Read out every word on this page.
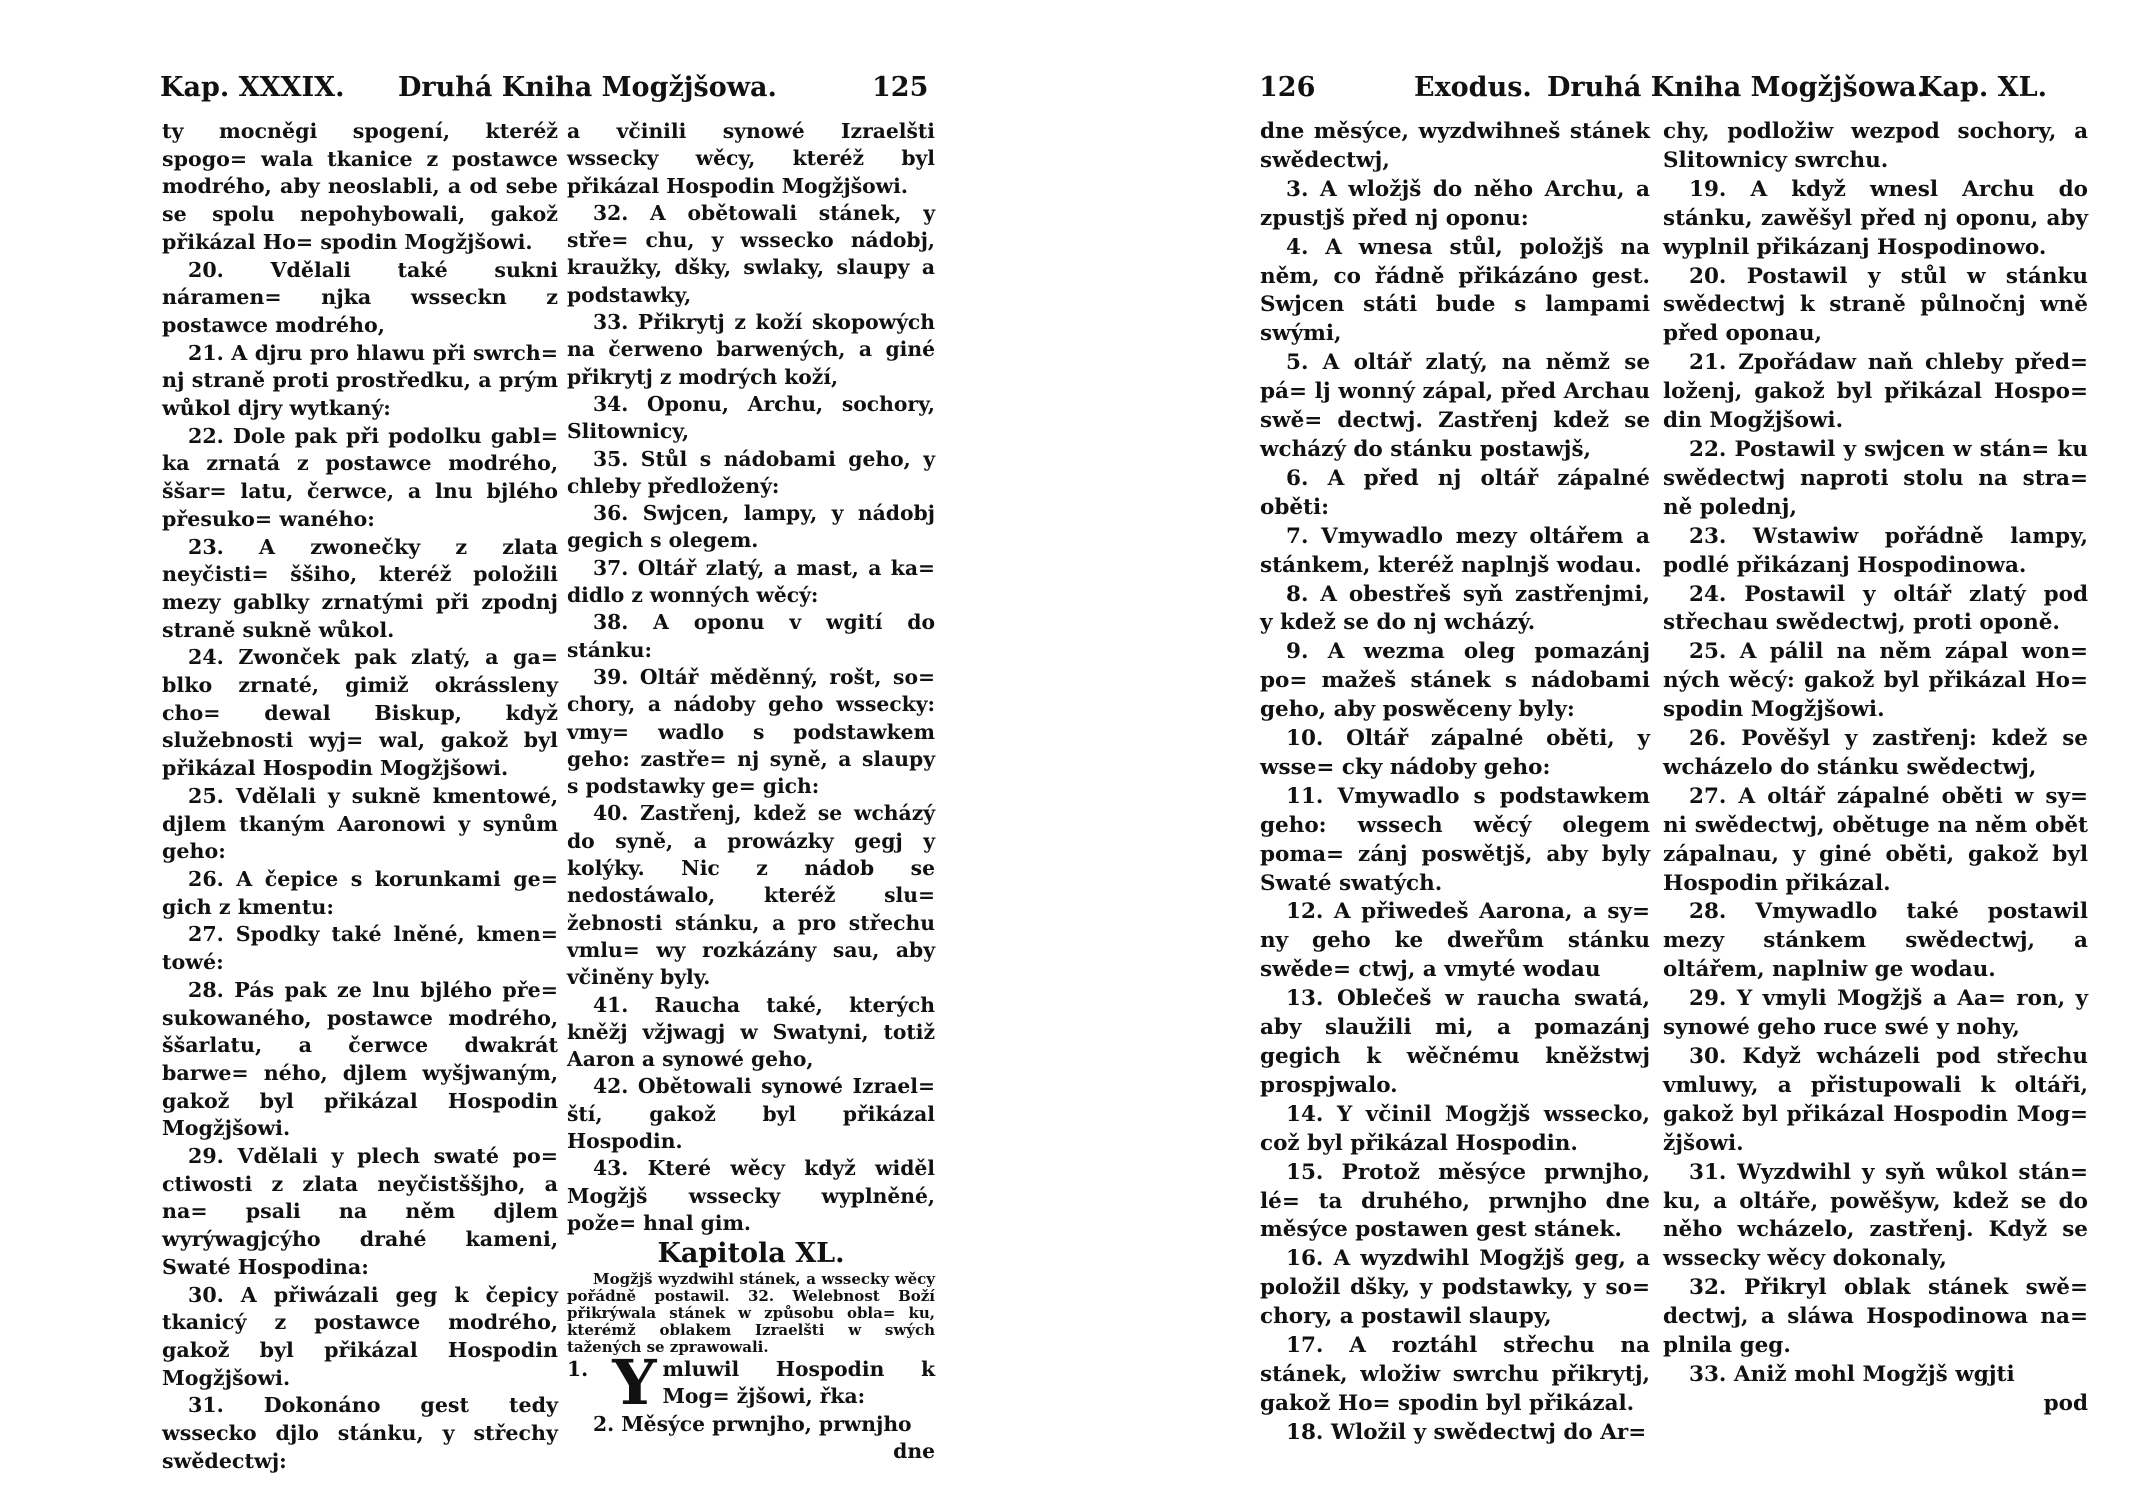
Kap. XXXIX. Druhá Kniha Mogžjšowa.	125

ty mocněgi spogení, kteréž spogo= wala tkanice z postawce modrého, aby neoslabli, a od sebe se spolu nepohybowali, gakož přikázal Ho= spodin Mogžjšowi.

20. Vdělali také sukni náramen= njka wsseckn z postawce modrého,

21. A djru pro hlawu při swrch= nj straně proti prostředku, a prým wůkol djry wytkaný:

22. Dole pak při podolku gabl= ka zrnatá z postawce modrého, ššar= latu, čerwce, a lnu bjlého přesuko= waného:

23. A zwonečky z zlata neyčisti= ššiho, kteréž položili mezy gablky zrnatými při zpodnj straně sukně wůkol.

24. Zwonček pak zlatý, a ga= blko zrnaté, gimiž okrássleny cho= dewal Biskup, když služebnosti wyj= wal, gakož byl přikázal Hospodin Mogžjšowi.

25. Vdělali y suknĕ kmentowé, djlem tkaným Aaronowi y synům geho:

26. A čepice s korunkami ge= gich z kmentu:

27. Spodky také lněné, kmen= towé:

28. Pás pak ze lnu bjlého pře= sukowaného, postawce modrého, ššarlatu, a čerwce dwakrát barwe= ného, djlem wyšjwaným, gakož byl přikázal Hospodin Mogžjšowi.

29. Vdělali y plech swaté po= ctiwosti z zlata neyčistššjho, a na= psali na něm djlem wyrýwagjcýho drahé kameni, Swaté Hospodina:

30. A přiwázali geg k čepicy tkanicý z postawce modrého, gakož byl přikázal Hospodin Mogžjšowi.

31. Dokonáno gest tedy wsseckо djlo stánku, y střechy swědectwj:

a včinili synowé Izraelšti wssecky wěcy, kteréž byl přikázal Hospodin Mogžjšowi.

32. A obětowali stánek, y stře= chu, y wssecko nádobj, kraužky, dšky, swlaky, slaupy a podstawky,

33. Přikrytj z koží skopowých na čerweno barwených, a giné přikrytj z modrých koží,

34. Oponu, Archu, sochory, Slitownicy,

35. Stůl s nádobami geho, y chleby předložený:

36. Swjcen, lampy, y nádobj gegich s olegem.

37. Oltář zlatý, a mast, a ka= didlo z wonných wěcý:

38. A oponu v wgití do stánku:

39. Oltář měděnný, rošt, so= chory, a nádoby geho wssecky: vmy= wadlo s podstawkem geho: zastře= nj syně, a slaupy s podstawky ge= gich:

40. Zastřenj, kdež se wcházý do syně, a prowázky gegj y kolýky. Nic z nádob se nedostáwalo, kteréž slu= žebnosti stánku, a pro střechu vmlu= wy rozkázány sau, aby včiněny byly.

41. Raucha také, kterých kněžj vžjwagj w Swatyni, totiž Aaron a synowé geho,

42. Obětowali synowé Izrael= ští, gakož byl přikázal Hospodin.

43. Které wěcy když widěl Mogžjš wssecky wyplněné, pože= hnal gim.

Kapitola XL.

Mogžjš wyzdwihl stánek, a wssecky wěcy pořádně postawil. 32. Welebnost Boží přikrýwala stánek w způsobu obla= ku, kterémž oblakem Izraelšti w swých tažených se zprawowali.

1. Y mluwil Hospodin k Mog= žjšowi, řka:

2. Měsýce prwnjho, prwnjho

dne

126	Exodus. Druhá Kniha Mogžjšowa.
Kap. XL.

dne měsýce, wyzdwihneš stánek swědectwj,

3. A wložjš do něho Archu, a zpustjš před nj oponu:

4. A wnesa stůl, položjš na něm, co řádně přikázáno gest. Swjcen státi bude s lampami swými,

5. A oltář zlatý, na němž se pá= lj wonný zápal, před Archau swě= dectwj. Zastřenj kdež se wcházý do stánku postawjš,

6. A před nj oltář zápalné oběti:

7. Vmywadlo mezy oltářem a stánkem, kteréž naplnjš wodau.

8. A obestřeš syň zastřenjmi, y kdež se do nj wcházý.

9. A wezma oleg pomazánj po= mažeš stánek s nádobami geho, aby poswěceny byly:

10. Oltář zápalné oběti, y wsse= cky nádoby geho:

11. Vmywadlo s podstawkem geho: wssech wěcý olegem poma= zánj poswětjš, aby byly Swaté swatých.

12. A přiwedeš Aarona, a sy= ny geho ke dweřům stánku swěde= ctwj, a vmyté wodau

13. Oblečeš w raucha swatá, aby slaužili mi, a pomazánj gegich k wěčnému kněžstwj prospjwalo.

14. Y včinil Mogžjš wssecko, což byl přikázal Hospodin.

15. Protož měsýce prwnjho, lé= ta druhého, prwnjho dne měsýce postawen gest stánek.

16. A wyzdwihl Mogžjš geg, a položil dšky, y podstawky, y so= chory, a postawil slaupy,

17. A roztáhl střechu na stánek, wložiw swrchu přikrytj, gakož Ho= spodin byl přikázal.

18. Wložil y swědectwj do Ar=

chy, podložiw wezpod sochory, a Slitownicy swrchu.

19. A když wnesl Archu do stánku, zawěšyl před nj oponu, aby wyplnil přikázanj Hospodinowo.

20. Postawil y stůl w stánku swědectwj k straně půlnočnj wně před oponau,

21. Zpořádaw naň chleby před= loženj, gakož byl přikázal Hospo= din Mogžjšowi.

22. Postawil y swjcen w stán= ku swědectwj naproti stolu na stra= ně polednj,

23. Wstawiw pořádně lampy, podlé přikázanj Hospodinowa.

24. Postawil y oltář zlatý pod střechau swědectwj, proti oponě.

25. A pálil na něm zápal won= ných wěcý: gakož byl přikázal Ho= spodin Mogžjšowi.

26. Pověšyl y zastřenj: kdež se wcházelo do stánku swědectwj,

27. A oltář zápalné oběti w sy= ni swědectwj, obětuge na něm obět zápalnau, y giné oběti, gakož byl Hospodin přikázal.

28. Vmywadlo také postawil mezy stánkem swědectwj, a oltářem, naplniw ge wodau.

29. Y vmyli Mogžjš a Aa= ron, y synowé geho ruce swé y nohy,

30. Když wcházeli pod střechu vmluwy, a přistupowali k oltáři, gakož byl přikázal Hospodin Mog= žjšowi.

31. Wyzdwihl y syň wůkol stán= ku, a oltáře, powěšyw, kdež se do něho wcházelo, zastřenj. Když se wssecky wěcy dokonaly,

32. Přikryl oblak stánek swě= dectwj, a sláwa Hospodinowa na= plnila geg.

33. Aniž mohl Mogžjš wgjti

pod
